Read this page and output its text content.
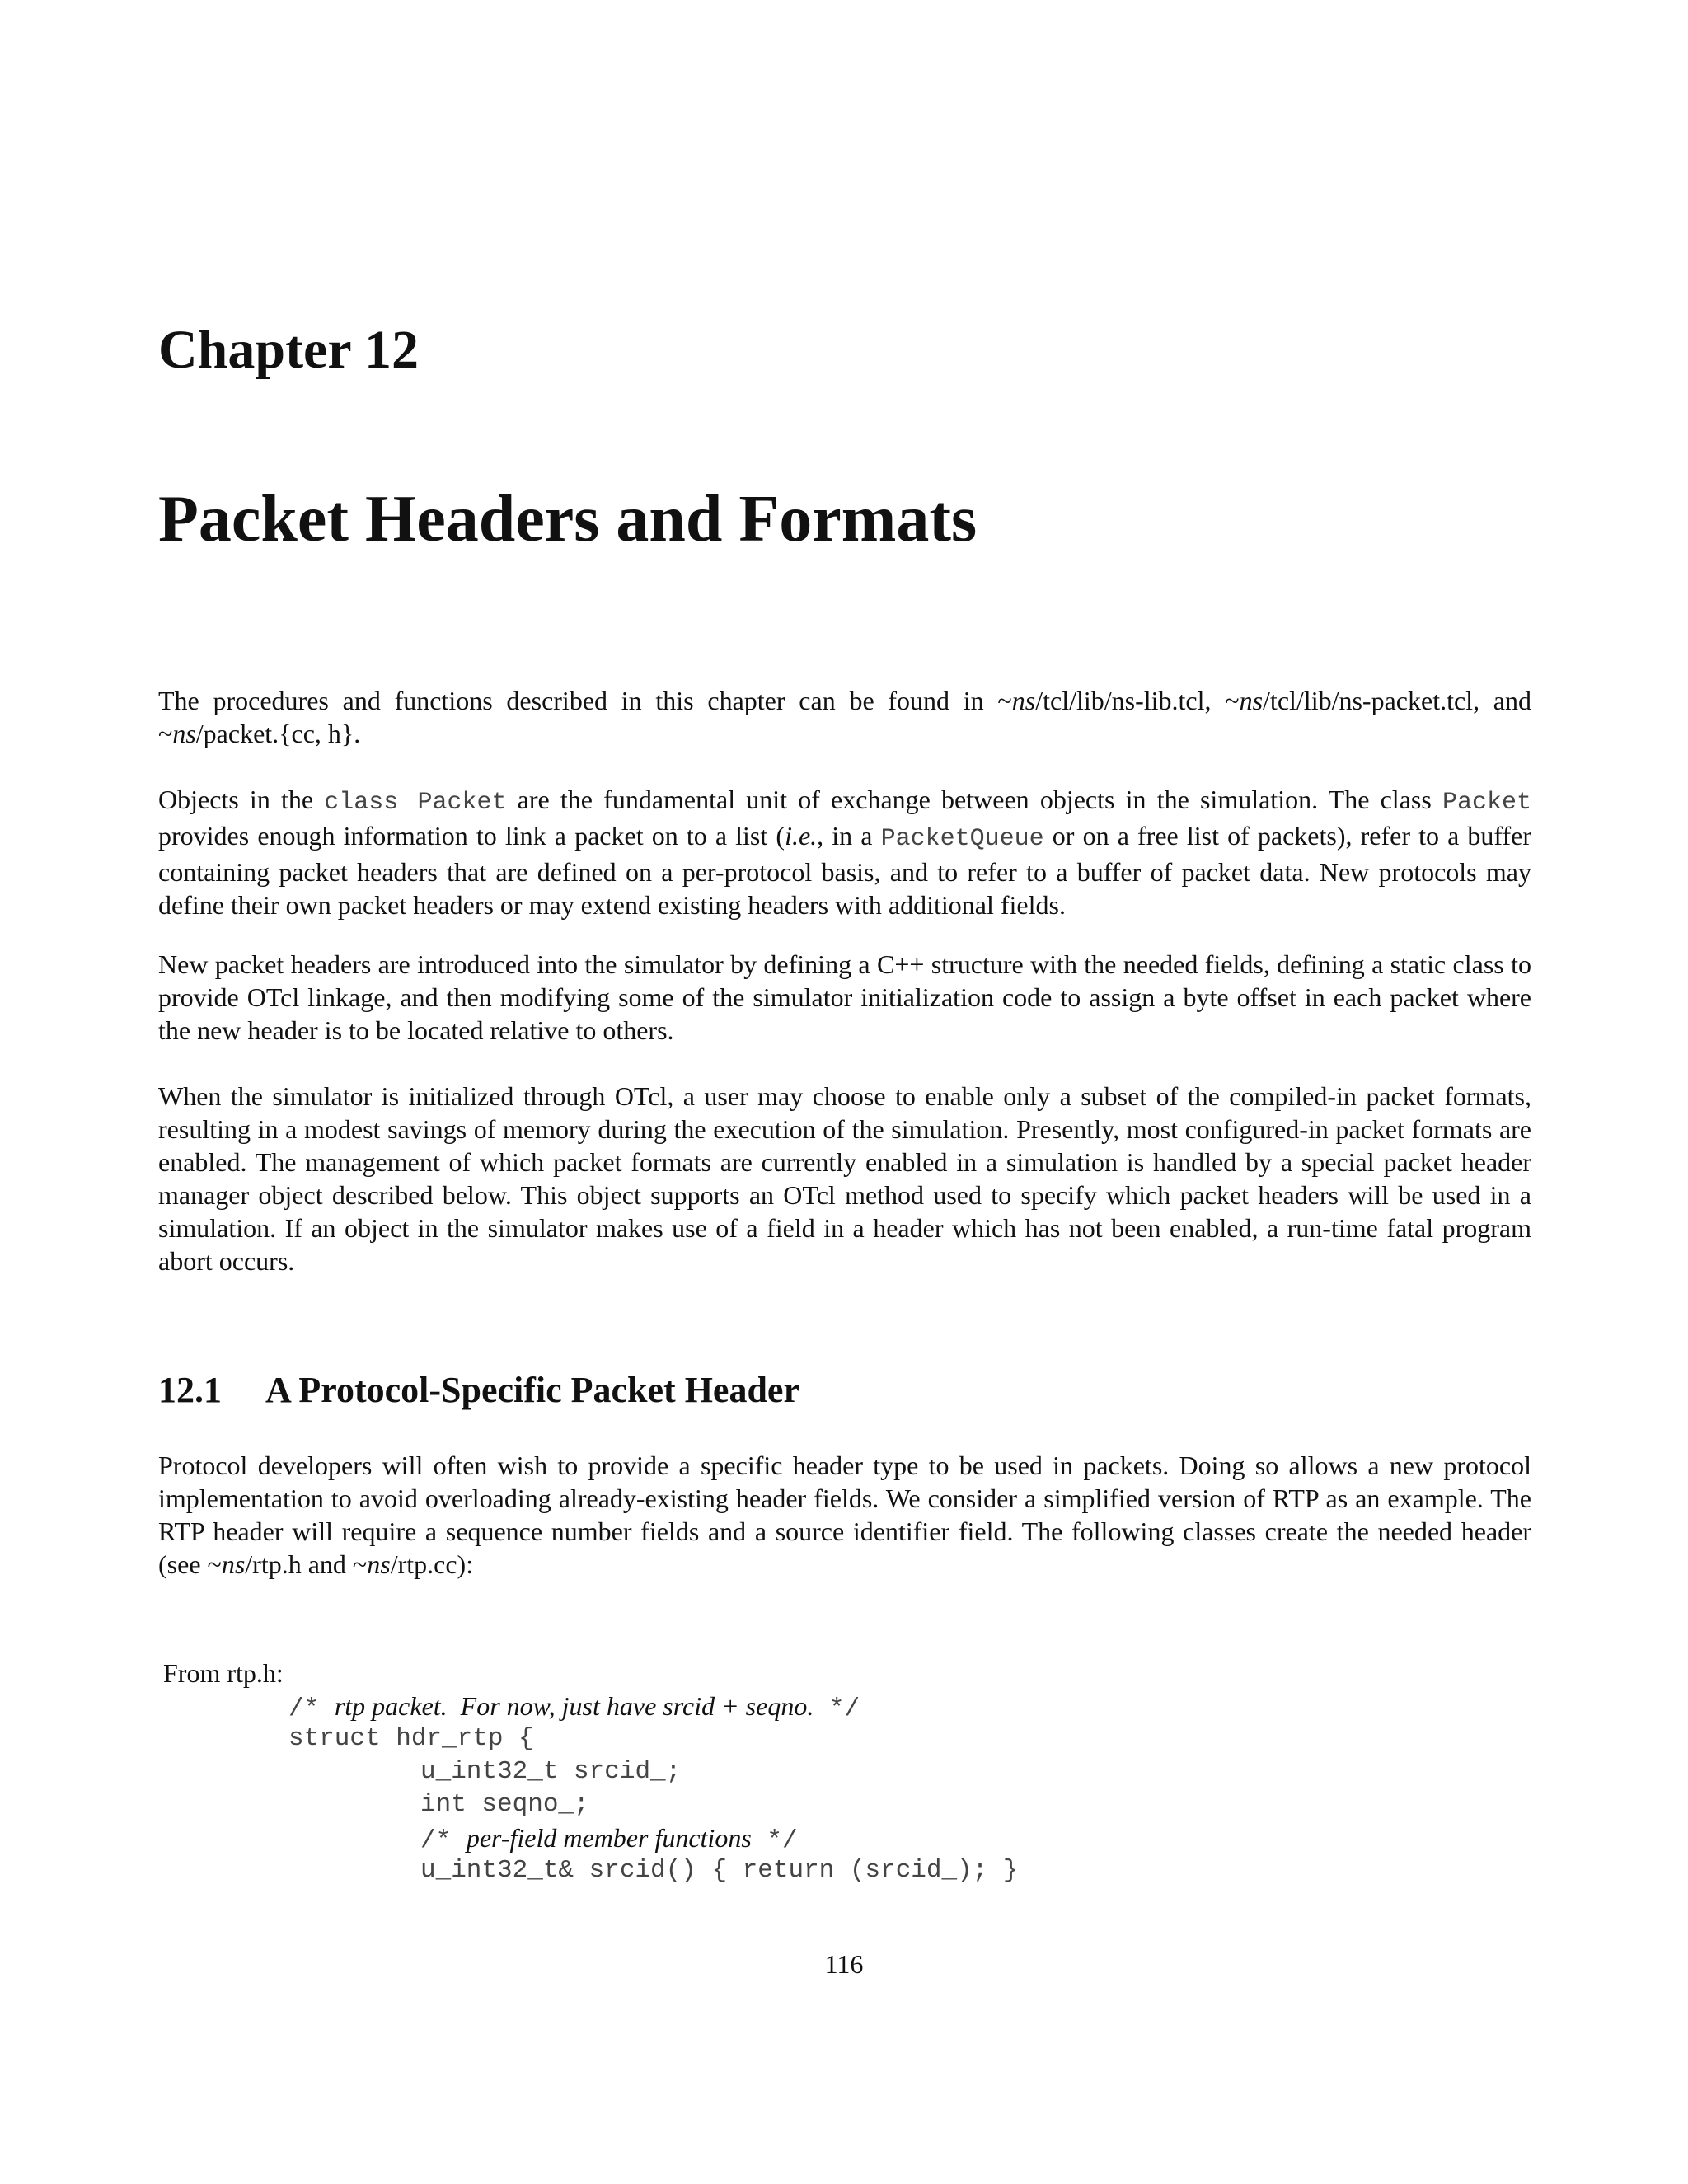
Chapter 12
Packet Headers and Formats

The procedures and functions described in this chapter can be found in ~ns/tcl/lib/ns-lib.tcl, ~ns/tcl/lib/ns-packet.tcl, and ~ns/packet.{cc, h}.

Objects in the class Packet are the fundamental unit of exchange between objects in the simulation. The class Packet provides enough information to link a packet on to a list (i.e., in a PacketQueue or on a free list of packets), refer to a buffer containing packet headers that are defined on a per-protocol basis, and to refer to a buffer of packet data. New protocols may define their own packet headers or may extend existing headers with additional fields.

New packet headers are introduced into the simulator by defining a C++ structure with the needed fields, defining a static class to provide OTcl linkage, and then modifying some of the simulator initialization code to assign a byte offset in each packet where the new header is to be located relative to others.

When the simulator is initialized through OTcl, a user may choose to enable only a subset of the compiled-in packet formats, resulting in a modest savings of memory during the execution of the simulation. Presently, most configured-in packet formats are enabled. The management of which packet formats are currently enabled in a simulation is handled by a special packet header manager object described below. This object supports an OTcl method used to specify which packet headers will be used in a simulation. If an object in the simulator makes use of a field in a header which has not been enabled, a run-time fatal program abort occurs.

12.1 A Protocol-Specific Packet Header

Protocol developers will often wish to provide a specific header type to be used in packets. Doing so allows a new protocol implementation to avoid overloading already-existing header fields. We consider a simplified version of RTP as an example. The RTP header will require a sequence number fields and a source identifier field. The following classes create the needed header (see ~ns/rtp.h and ~ns/rtp.cc):

From rtp.h:

/* rtp packet.  For now, just have srcid + seqno. */
struct hdr_rtp {
u_int32_t srcid_;
int seqno_;
/* per-field member functions */
u_int32_t& srcid() { return (srcid_); }

116
